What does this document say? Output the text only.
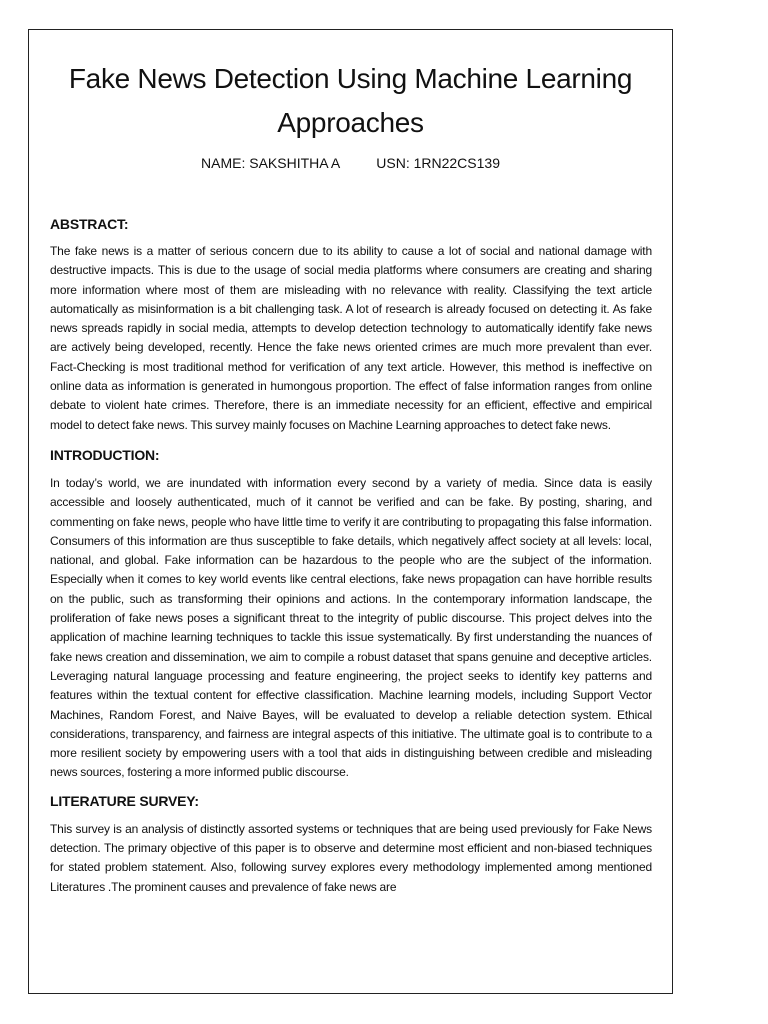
Fake News Detection Using Machine Learning Approaches
NAME: SAKSHITHA A	USN: 1RN22CS139
ABSTRACT:

The fake news is a matter of serious concern due to its ability to cause a lot of social and national damage with destructive impacts. This is due to the usage of social media platforms where consumers are creating and sharing more information where most of them are misleading with no relevance with reality. Classifying the text article automatically as misinformation is a bit challenging task. A lot of research is already focused on detecting it. As fake news spreads rapidly in social media, attempts to develop detection technology to automatically identify fake news are actively being developed, recently. Hence the fake news oriented crimes are much more prevalent than ever. Fact-Checking is most traditional method for verification of any text article. However, this method is ineffective on online data as information is generated in humongous proportion. The effect of false information ranges from online debate to violent hate crimes. Therefore, there is an immediate necessity for an efficient, effective and empirical model to detect fake news. This survey mainly focuses on Machine Learning approaches to detect fake news.

INTRODUCTION:

In today’s world, we are inundated with information every second by a variety of media. Since data is easily accessible and loosely authenticated, much of it cannot be verified and can be fake. By posting, sharing, and commenting on fake news, people who have little time to verify it are contributing to propagating this false information. Consumers of this information are thus susceptible to fake details, which negatively affect society at all levels: local, national, and global. Fake information can be hazardous to the people who are the subject of the information. Especially when it comes to key world events like central elections, fake news propagation can have horrible results on the public, such as transforming their opinions and actions. In the contemporary information landscape, the proliferation of fake news poses a significant threat to the integrity of public discourse. This project delves into the application of machine learning techniques to tackle this issue systematically. By first understanding the nuances of fake news creation and dissemination, we aim to compile a robust dataset that spans genuine and deceptive articles. Leveraging natural language processing and feature engineering, the project seeks to identify key patterns and features within the textual content for effective classification. Machine learning models, including Support Vector Machines, Random Forest, and Naive Bayes, will be evaluated to develop a reliable detection system. Ethical considerations, transparency, and fairness are integral aspects of this initiative. The ultimate goal is to contribute to a more resilient society by empowering users with a tool that aids in distinguishing between credible and misleading news sources, fostering a more informed public discourse.

LITERATURE SURVEY:

This survey is an analysis of distinctly assorted systems or techniques that are being used previously for Fake News detection. The primary objective of this paper is to observe and determine most efficient and non-biased techniques for stated problem statement. Also, following survey explores every methodology implemented among mentioned Literatures .The prominent causes and prevalence of fake news are
